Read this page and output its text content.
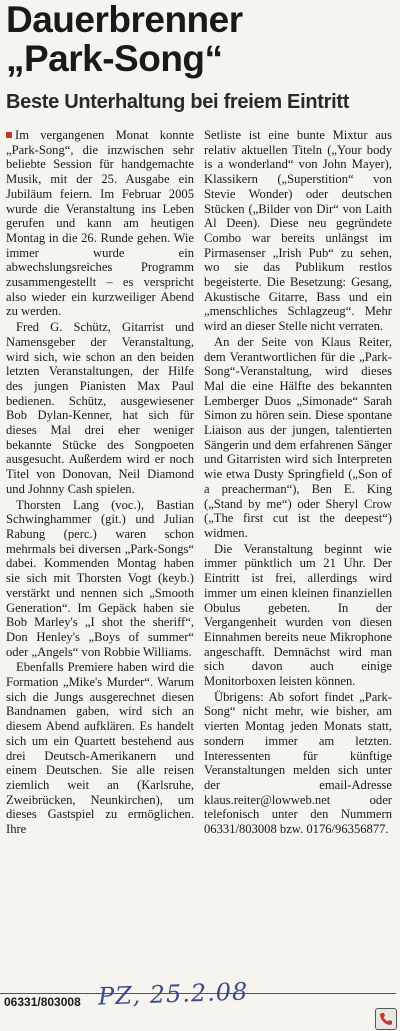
Dauerbrenner
„Park-Song“
Beste Unterhaltung bei freiem Eintritt

Im vergangenen Monat konnte „Park-Song“, die inzwischen sehr beliebte Session für handgemachte Musik, mit der 25. Ausgabe ein Jubiläum feiern. Im Februar 2005 wurde die Veranstaltung ins Leben gerufen und kann am heutigen Montag in die 26. Runde gehen. Wie immer wurde ein abwechslungsreiches Programm zusammengestellt – es verspricht also wieder ein kurzweiliger Abend zu werden.

Fred G. Schütz, Gitarrist und Namensgeber der Veranstaltung, wird sich, wie schon an den beiden letzten Veranstaltungen, der Hilfe des jungen Pianisten Max Paul bedienen. Schütz, ausgewiesener Bob Dylan-Kenner, hat sich für dieses Mal drei eher weniger bekannte Stücke des Songpoeten ausgesucht. Außerdem wird er noch Titel von Donovan, Neil Diamond und Johnny Cash spielen.

Thorsten Lang (voc.), Bastian Schwinghammer (git.) und Julian Rabung (perc.) waren schon mehrmals bei diversen „Park-Songs“ dabei. Kommenden Montag haben sie sich mit Thorsten Vogt (keyb.) verstärkt und nennen sich „Smooth Generation“. Im Gepäck haben sie Bob Marley's „I shot the sheriff“, Don Henley's „Boys of summer“ oder „Angels“ von Robbie Williams.

Ebenfalls Premiere haben wird die Formation „Mike's Murder“. Warum sich die Jungs ausgerechnet diesen Bandnamen gaben, wird sich an diesem Abend aufklären. Es handelt sich um ein Quartett bestehend aus drei Deutsch-Amerikanern und einem Deutschen. Sie alle reisen ziemlich weit an (Karlsruhe, Zweibrücken, Neunkirchen), um dieses Gastspiel zu ermöglichen. Ihre

Setliste ist eine bunte Mixtur aus relativ aktuellen Titeln („Your body is a wonderland“ von John Mayer), Klassikern („Superstition“ von Stevie Wonder) oder deutschen Stücken („Bilder von Dir“ von Laith Al Deen). Diese neu gegründete Combo war bereits unlängst im Pirmasenser „Irish Pub“ zu sehen, wo sie das Publikum restlos begeisterte. Die Besetzung: Gesang, Akustische Gitarre, Bass und ein „menschliches Schlagzeug“. Mehr wird an dieser Stelle nicht verraten.

An der Seite von Klaus Reiter, dem Verantwortlichen für die „Park-Song“-Veranstaltung, wird dieses Mal die eine Hälfte des bekannten Lemberger Duos „Simonade“ Sarah Simon zu hören sein. Diese spontane Liaison aus der jungen, talentierten Sängerin und dem erfahrenen Sänger und Gitarristen wird sich Interpreten wie etwa Dusty Springfield („Son of a preacherman“), Ben E. King („Stand by me“) oder Sheryl Crow („The first cut ist the deepest“) widmen.

Die Veranstaltung beginnt wie immer pünktlich um 21 Uhr. Der Eintritt ist frei, allerdings wird immer um einen kleinen finanziellen Obulus gebeten. In der Vergangenheit wurden von diesen Einnahmen bereits neue Mikrophone angeschafft. Demnächst wird man sich davon auch einige Monitorboxen leisten können.

Übrigens: Ab sofort findet „Park-Song“ nicht mehr, wie bisher, am vierten Montag jeden Monats statt, sondern immer am letzten. Interessenten für künftige Veranstaltungen melden sich unter der email-Adresse klaus.reiter@lowweb.net oder telefonisch unter den Nummern 06331/803008 bzw. 0176/96356877.

06331/803008 PZ, 25.2.08
